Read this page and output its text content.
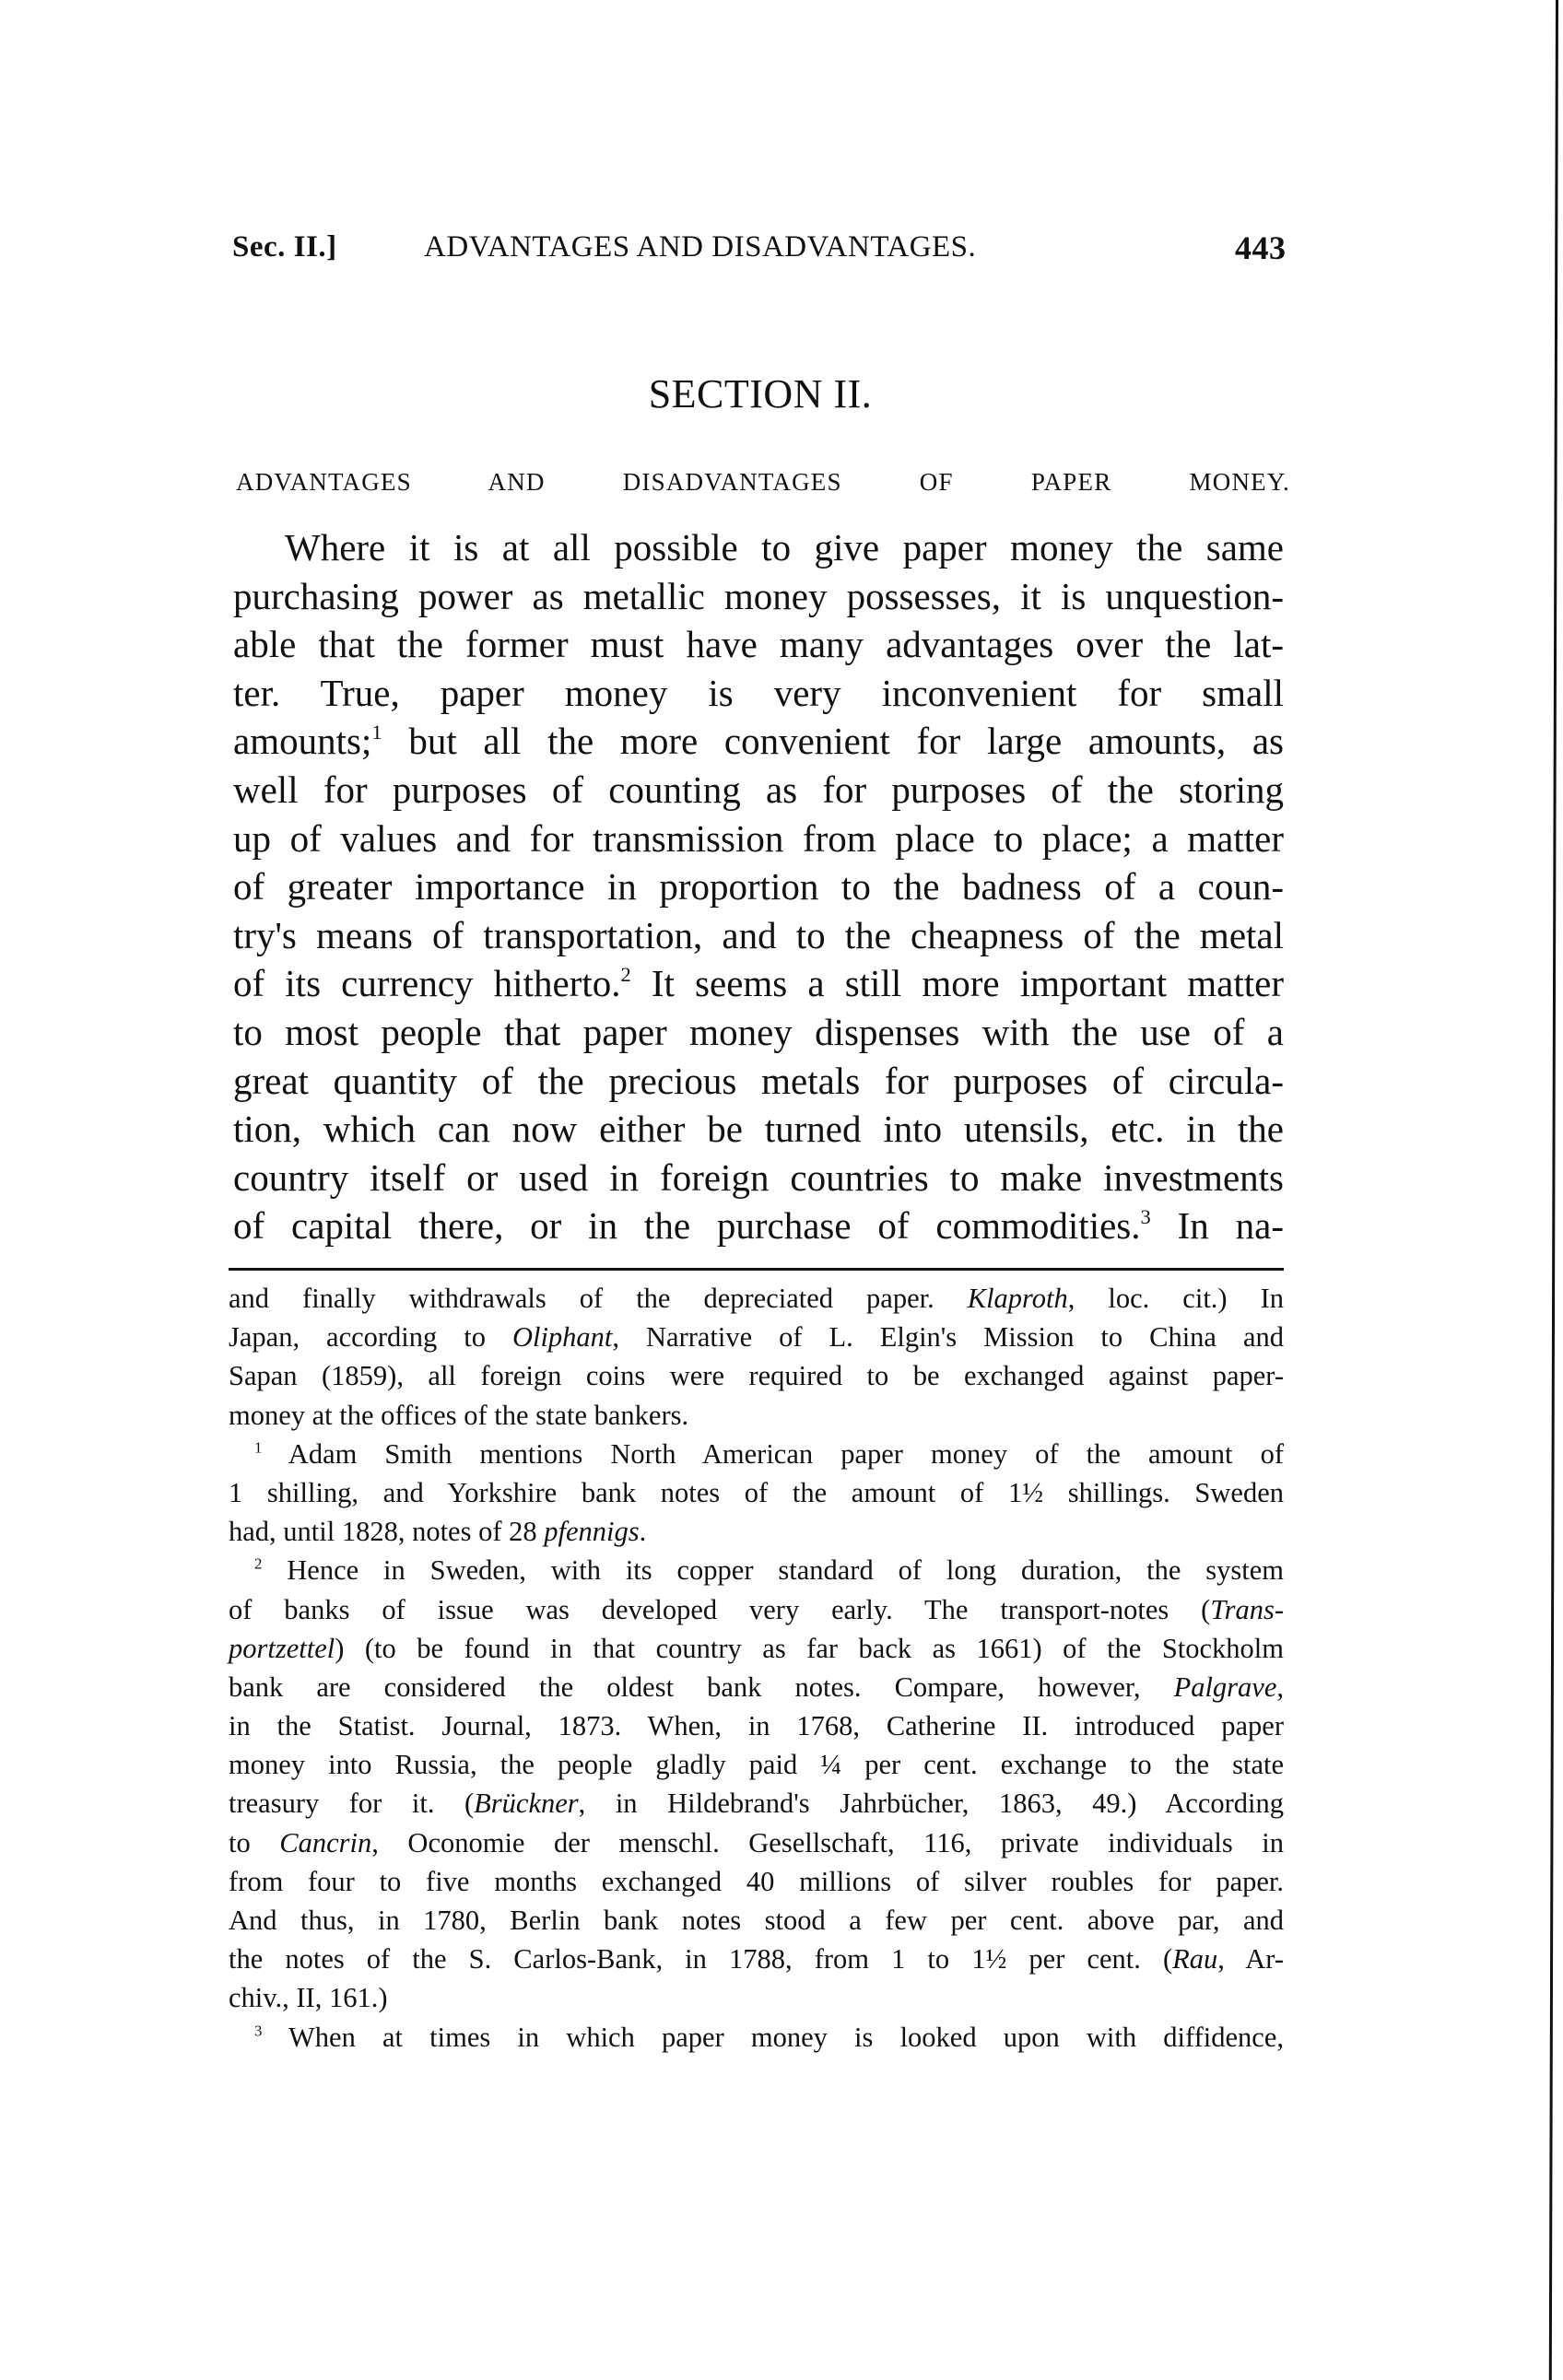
Sec. II.]	ADVANTAGES AND DISADVANTAGES.	443
SECTION II.
ADVANTAGES AND DISADVANTAGES OF PAPER MONEY.
Where it is at all possible to give paper money the same
purchasing power as metallic money possesses, it is unquestion-
able that the former must have many advantages over the lat-
ter. True, paper money is very inconvenient for small
amounts;$^1$ but all the more convenient for large amounts, as
well for purposes of counting as for purposes of the storing
up of values and for transmission from place to place; a matter
of greater importance in proportion to the badness of a coun-
try's means of transportation, and to the cheapness of the metal
of its currency hitherto.$^2$ It seems a still more important matter
to most people that paper money dispenses with the use of a
great quantity of the precious metals for purposes of circula-
tion, which can now either be turned into utensils, etc. in the
country itself or used in foreign countries to make investments
of capital there, or in the purchase of commodities.$^3$ In na-
and finally withdrawals of the depreciated paper. Klaproth, loc. cit.) In
Japan, according to Oliphant, Narrative of L. Elgin's Mission to China and
Sapan (1859), all foreign coins were required to be exchanged against paper-
money at the offices of the state bankers.
$^1$ Adam Smith mentions North American paper money of the amount of
1 shilling, and Yorkshire bank notes of the amount of 1½ shillings. Sweden
had, until 1828, notes of 28 pfennigs.
$^2$ Hence in Sweden, with its copper standard of long duration, the system
of banks of issue was developed very early. The transport-notes (Trans-
portzettel) (to be found in that country as far back as 1661) of the Stockholm
bank are considered the oldest bank notes. Compare, however, Palgrave,
in the Statist. Journal, 1873. When, in 1768, Catherine II. introduced paper
money into Russia, the people gladly paid ¼ per cent. exchange to the state
treasury for it. (Brückner, in Hildebrand's Jahrbücher, 1863, 49.) According
to Cancrin, Oconomie der menschl. Gesellschaft, 116, private individuals in
from four to five months exchanged 40 millions of silver roubles for paper.
And thus, in 1780, Berlin bank notes stood a few per cent. above par, and
the notes of the S. Carlos-Bank, in 1788, from 1 to 1½ per cent. (Rau, Ar-
chiv., II, 161.)
$^3$ When at times in which paper money is looked upon with diffidence,
